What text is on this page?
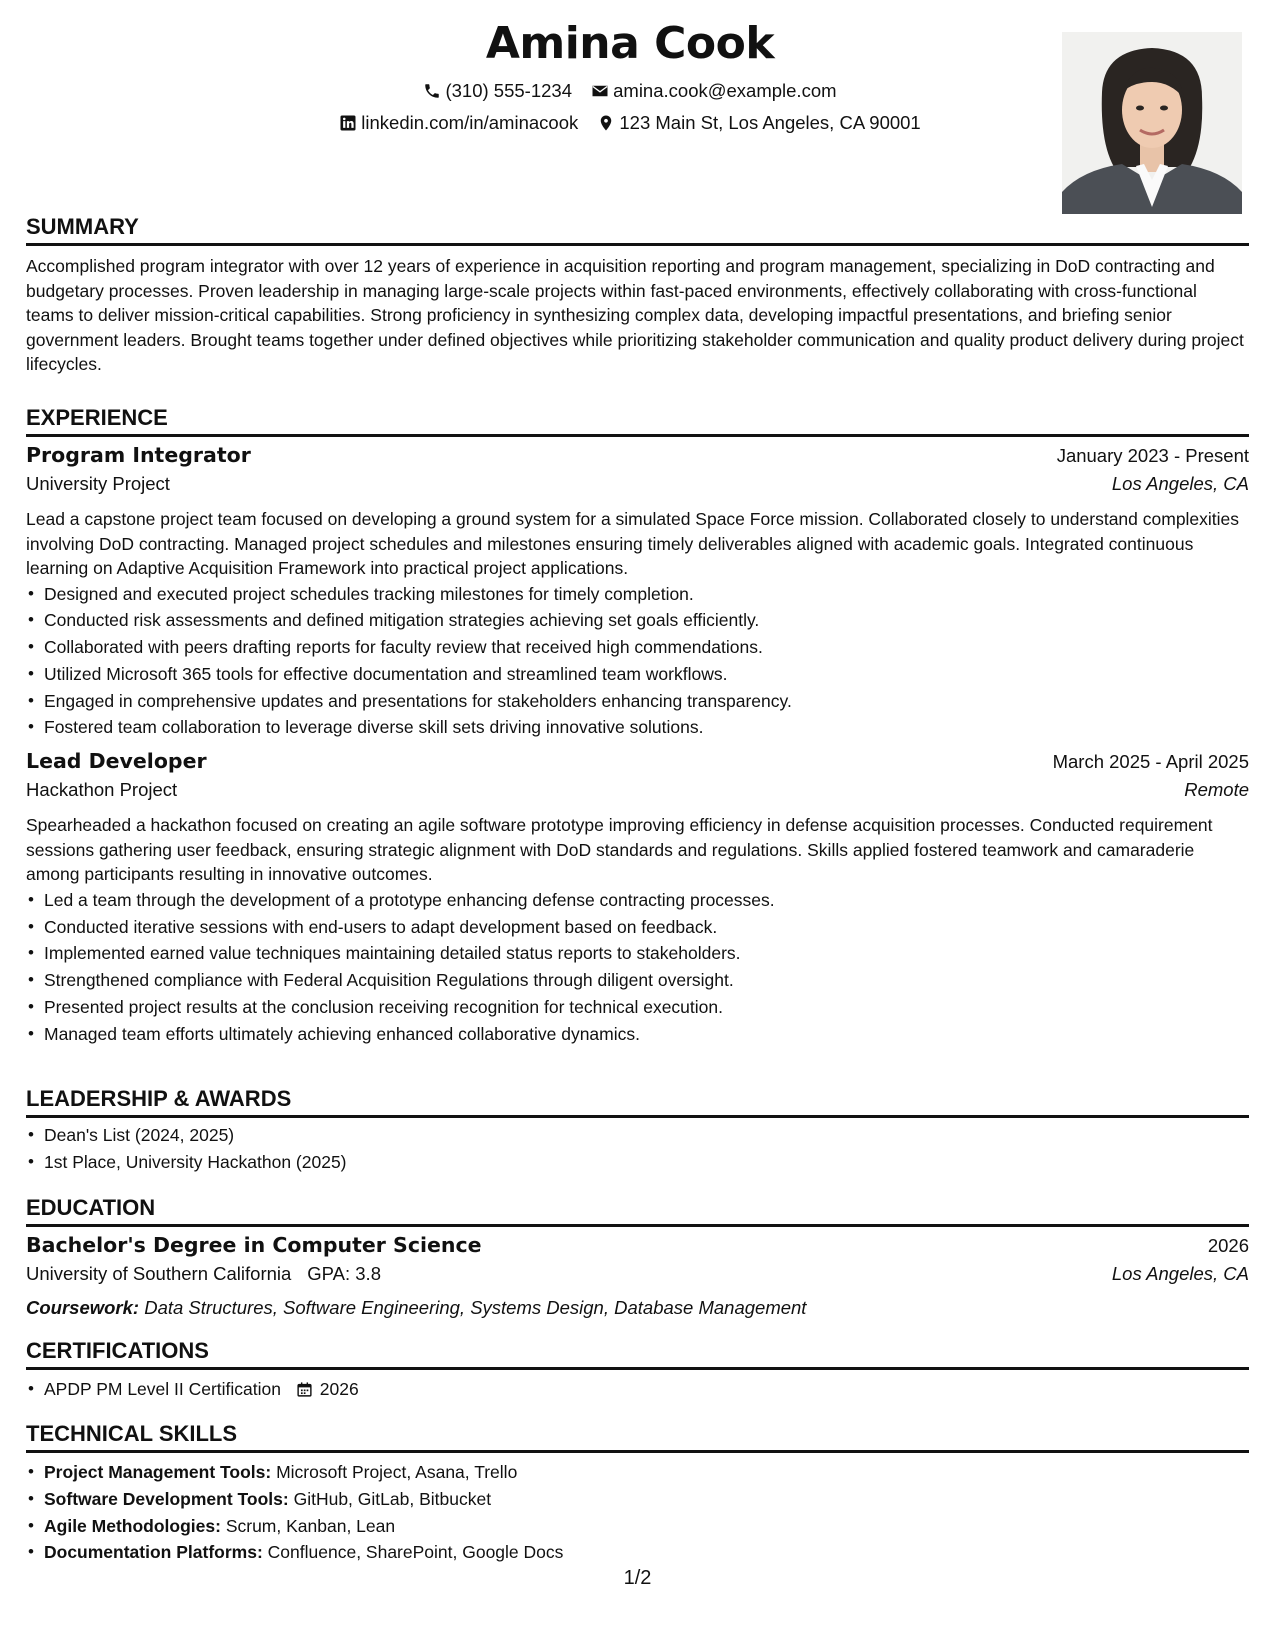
Amina Cook
(310) 555-1234
amina.cook@example.com
linkedin.com/in/aminacook
123 Main St, Los Angeles, CA 90001
SUMMARY

Accomplished program integrator with over 12 years of experience in acquisition reporting and program management, specializing in DoD contracting and budgetary processes. Proven leadership in managing large-scale projects within fast-paced environments, effectively collaborating with cross-functional teams to deliver mission-critical capabilities. Strong proficiency in synthesizing complex data, developing impactful presentations, and briefing senior government leaders. Brought teams together under defined objectives while prioritizing stakeholder communication and quality product delivery during project lifecycles.

EXPERIENCE
Program Integrator	January 2023 - Present
University Project	Los Angeles, CA

Lead a capstone project team focused on developing a ground system for a simulated Space Force mission. Collaborated closely to understand complexities involving DoD contracting. Managed project schedules and milestones ensuring timely deliverables aligned with academic goals. Integrated continuous learning on Adaptive Acquisition Framework into practical project applications.

• Designed and executed project schedules tracking milestones for timely completion.
• Conducted risk assessments and defined mitigation strategies achieving set goals efficiently.
• Collaborated with peers drafting reports for faculty review that received high commendations.
• Utilized Microsoft 365 tools for effective documentation and streamlined team workflows.
• Engaged in comprehensive updates and presentations for stakeholders enhancing transparency.
• Fostered team collaboration to leverage diverse skill sets driving innovative solutions.
Lead Developer	March 2025 - April 2025
Hackathon Project	Remote

Spearheaded a hackathon focused on creating an agile software prototype improving efficiency in defense acquisition processes. Conducted requirement sessions gathering user feedback, ensuring strategic alignment with DoD standards and regulations. Skills applied fostered teamwork and camaraderie among participants resulting in innovative outcomes.

• Led a team through the development of a prototype enhancing defense contracting processes.
• Conducted iterative sessions with end-users to adapt development based on feedback.
• Implemented earned value techniques maintaining detailed status reports to stakeholders.
• Strengthened compliance with Federal Acquisition Regulations through diligent oversight.
• Presented project results at the conclusion receiving recognition for technical execution.
• Managed team efforts ultimately achieving enhanced collaborative dynamics.
LEADERSHIP & AWARDS
• Dean's List (2024, 2025)
• 1st Place, University Hackathon (2025)
EDUCATION
Bachelor's Degree in Computer Science	2026
University of Southern California GPA: 3.8	Los Angeles, CA
Coursework: Data Structures, Software Engineering, Systems Design, Database Management
CERTIFICATIONS
• APDP PM Level II Certification 2026
TECHNICAL SKILLS
• Project Management Tools: Microsoft Project, Asana, Trello
• Software Development Tools: GitHub, GitLab, Bitbucket
• Agile Methodologies: Scrum, Kanban, Lean
• Documentation Platforms: Confluence, SharePoint, Google Docs
1/2
